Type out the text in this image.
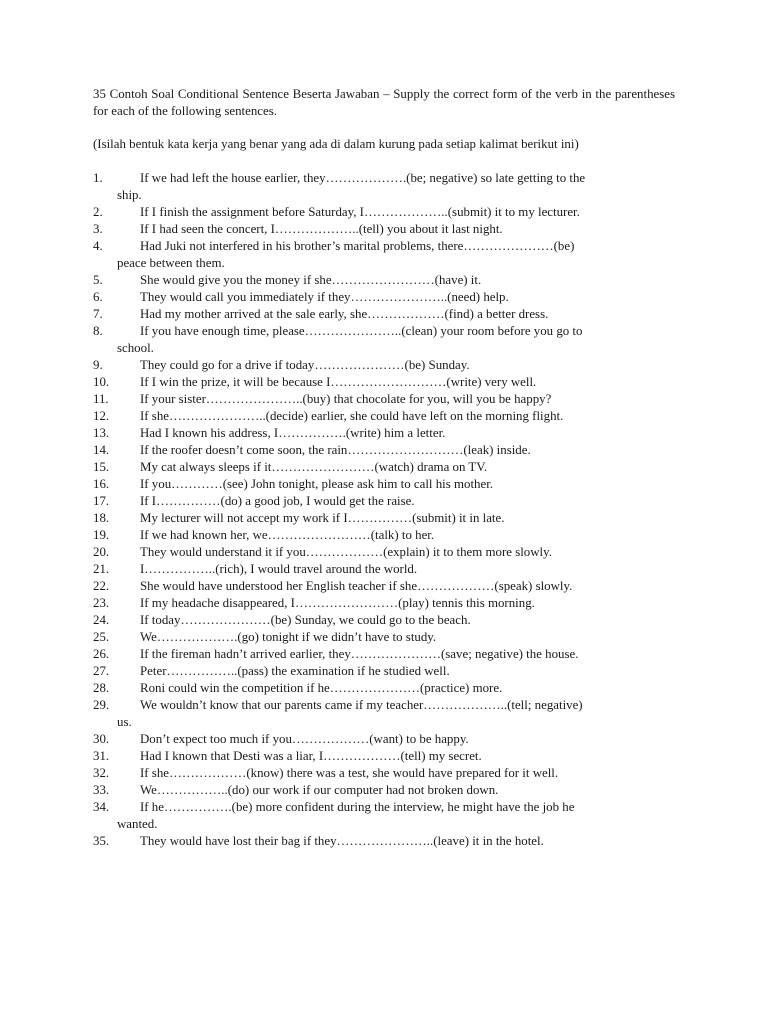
35 Contoh Soal Conditional Sentence Beserta Jawaban – Supply the correct form of the verb in the parentheses for each of the following sentences.

(Isilah bentuk kata kerja yang benar yang ada di dalam kurung pada setiap kalimat berikut ini)

1.	If we had left the house earlier, they……………….(be; negative) so late getting to the
ship.
2.	If I finish the assignment before Saturday, I………………..(submit) it to my lecturer.
3.	If I had seen the concert, I………………..(tell) you about it last night.
4.	Had Juki not interfered in his brother’s marital problems, there…………………(be)
peace between them.
5.	She would give you the money if she……………………(have) it.
6.	They would call you immediately if they…………………..(need) help.
7.	Had my mother arrived at the sale early, she………………(find) a better dress.
8.	If you have enough time, please…………………..(clean) your room before you go to
school.
9.	They could go for a drive if today…………………(be) Sunday.
10.	If I win the prize, it will be because I………………………(write) very well.
11.	If your sister…………………..(buy) that chocolate for you, will you be happy?
12.	If she…………………..(decide) earlier, she could have left on the morning flight.
13.	Had I known his address, I…………….(write) him a letter.
14.	If the roofer doesn’t come soon, the rain………………………(leak) inside.
15.	My cat always sleeps if it……………………(watch) drama on TV.
16.	If you…………(see) John tonight, please ask him to call his mother.
17.	If I……………(do) a good job, I would get the raise.
18.	My lecturer will not accept my work if I……………(submit) it in late.
19.	If we had known her, we……………………(talk) to her.
20.	They would understand it if you………………(explain) it to them more slowly.
21.	I……………..(rich), I would travel around the world.
22.	She would have understood her English teacher if she………………(speak) slowly.
23.	If my headache disappeared, I……………………(play) tennis this morning.
24.	If today…………………(be) Sunday, we could go to the beach.
25.	We……………….(go) tonight if we didn’t have to study.
26.	If the fireman hadn’t arrived earlier, they…………………(save; negative) the house.
27.	Peter……………..(pass) the examination if he studied well.
28.	Roni could win the competition if he…………………(practice) more.
29.	We wouldn’t know that our parents came if my teacher………………..(tell; negative)
us.
30.	Don’t expect too much if you………………(want) to be happy.
31.	Had I known that Desti was a liar, I………………(tell) my secret.
32.	If she………………(know) there was a test, she would have prepared for it well.
33.	We……………..(do) our work if our computer had not broken down.
34.	If he…………….(be) more confident during the interview, he might have the job he
wanted.
35.	They would have lost their bag if they…………………..(leave) it in the hotel.
